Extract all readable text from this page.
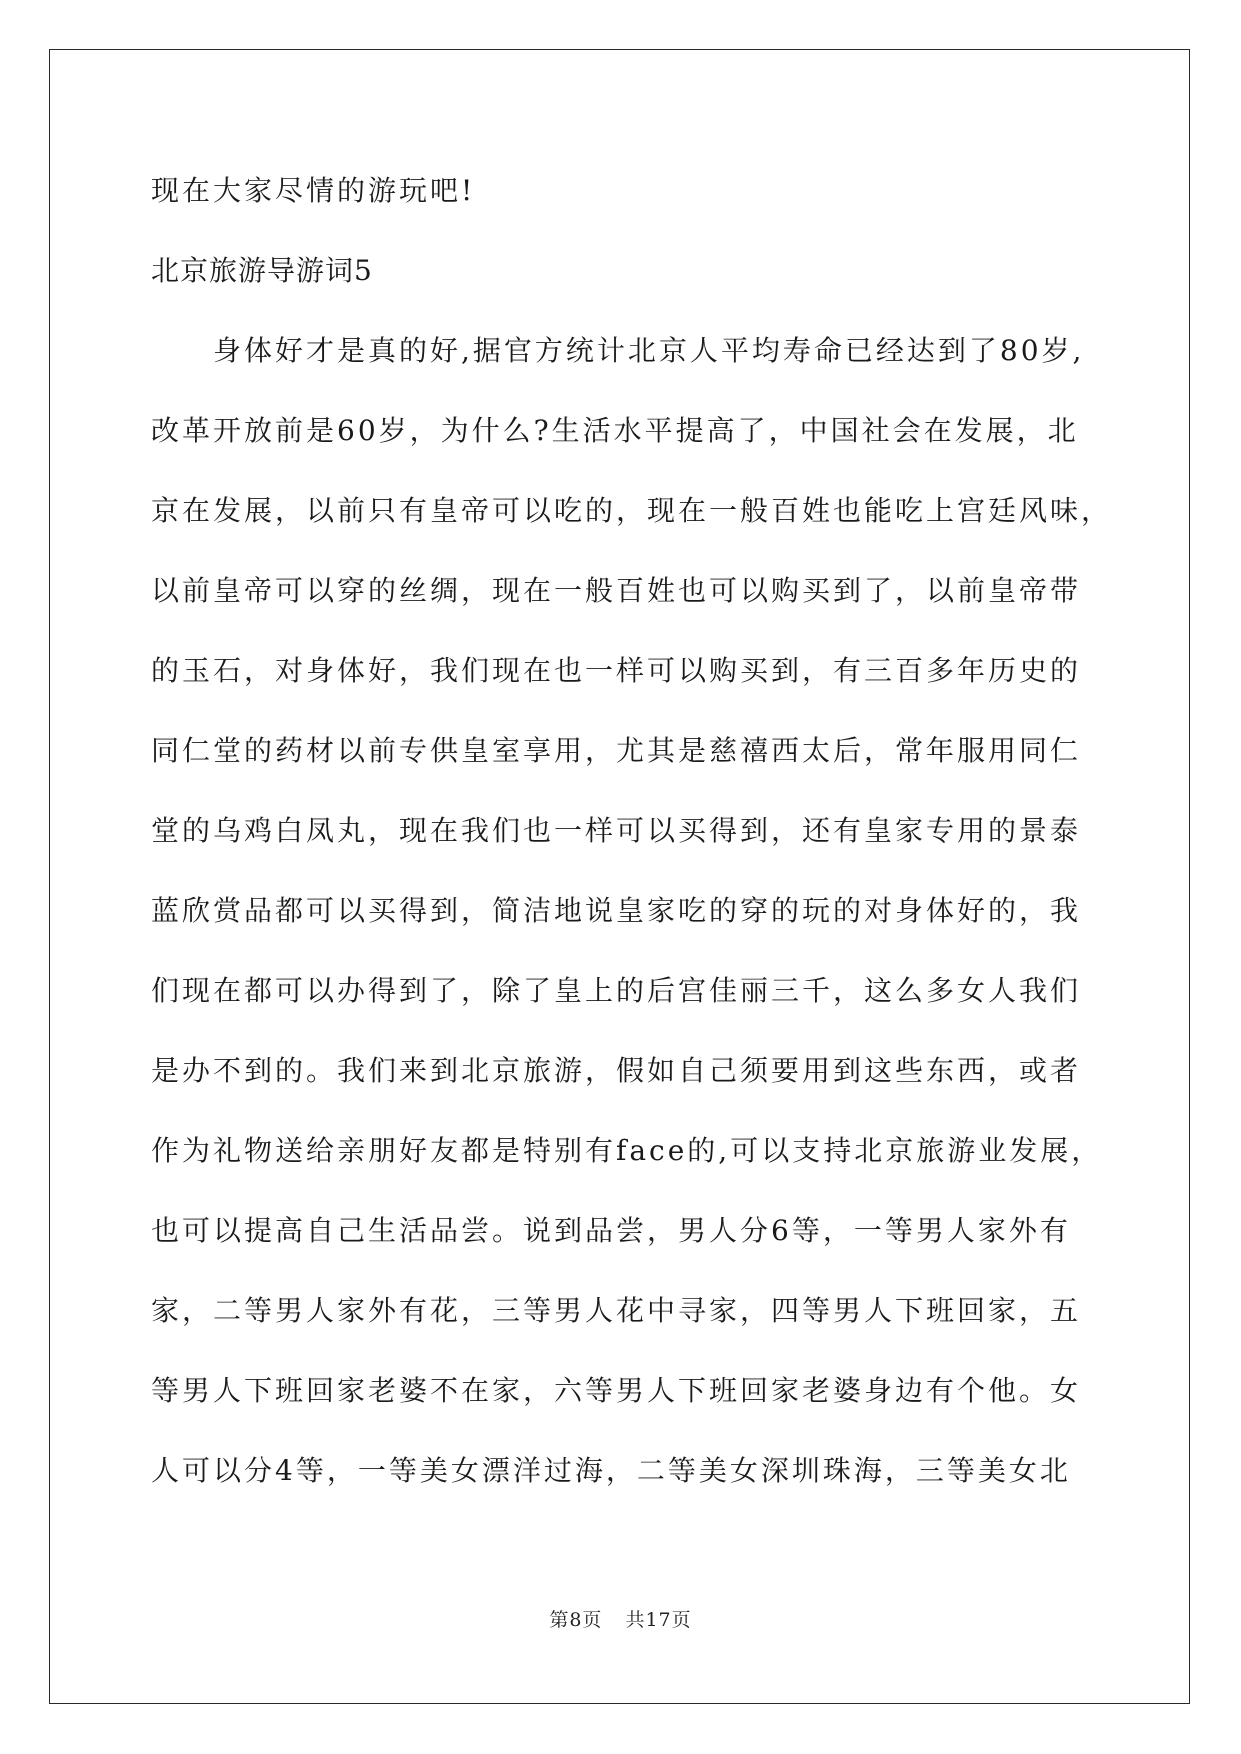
现在大家尽情的游玩吧!
北京旅游导游词5
身体好才是真的好,据官方统计北京人平均寿命已经达到了80岁,
改革开放前是60岁，为什么?生活水平提高了，中国社会在发展，北
京在发展，以前只有皇帝可以吃的，现在一般百姓也能吃上宫廷风味，
以前皇帝可以穿的丝绸，现在一般百姓也可以购买到了，以前皇帝带
的玉石，对身体好，我们现在也一样可以购买到，有三百多年历史的
同仁堂的药材以前专供皇室享用，尤其是慈禧西太后，常年服用同仁
堂的乌鸡白凤丸，现在我们也一样可以买得到，还有皇家专用的景泰
蓝欣赏品都可以买得到，简洁地说皇家吃的穿的玩的对身体好的，我
们现在都可以办得到了，除了皇上的后宫佳丽三千，这么多女人我们
是办不到的。我们来到北京旅游，假如自己须要用到这些东西，或者
作为礼物送给亲朋好友都是特别有face的,可以支持北京旅游业发展，
也可以提高自己生活品尝。说到品尝，男人分6等，一等男人家外有
家，二等男人家外有花，三等男人花中寻家，四等男人下班回家，五
等男人下班回家老婆不在家，六等男人下班回家老婆身边有个他。女
人可以分4等，一等美女漂洋过海，二等美女深圳珠海，三等美女北
第8页 共17页
